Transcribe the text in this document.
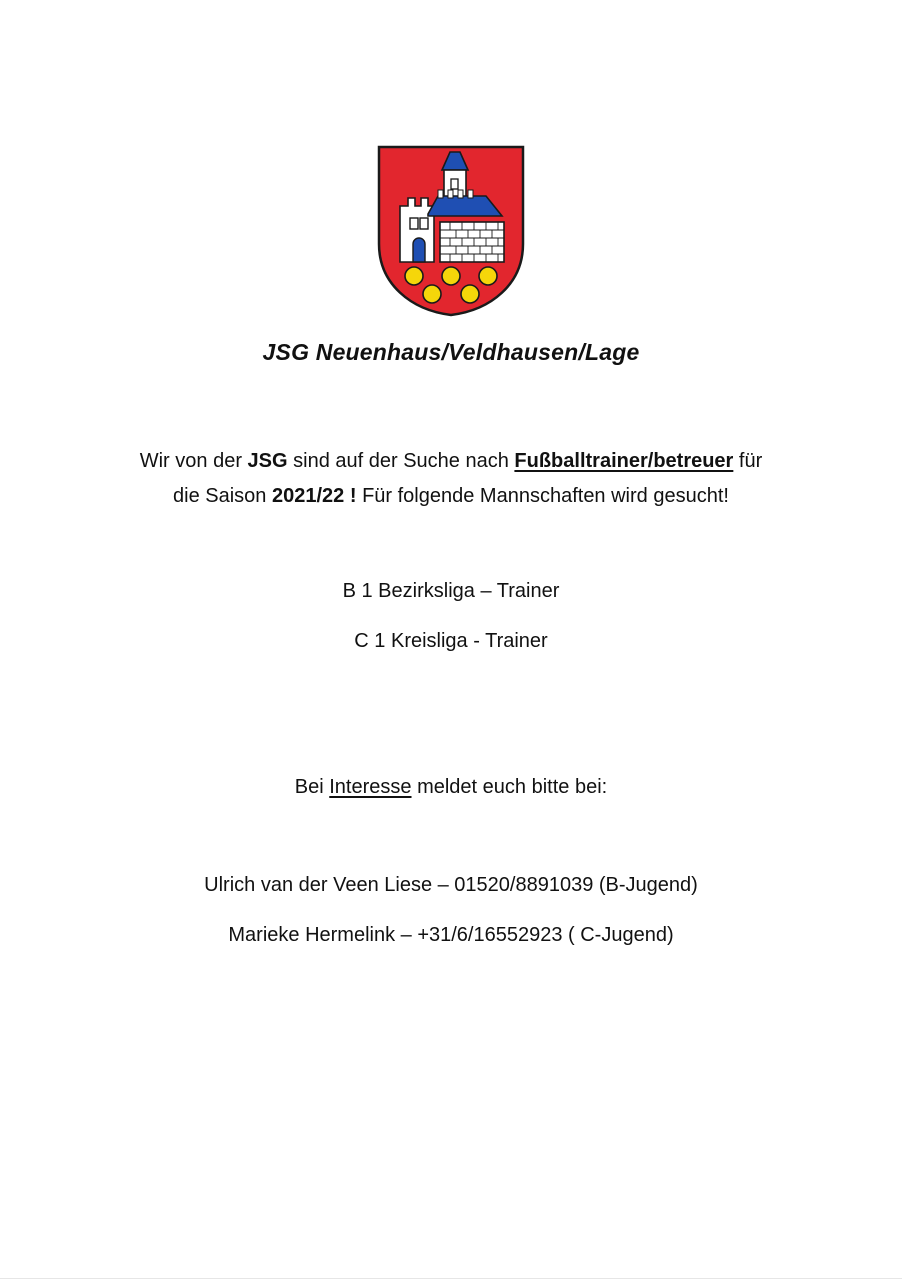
JSG Neuenhaus/Veldhausen/Lage
Wir von der JSG sind auf der Suche nach Fußballtrainer/betreuer für
die Saison 2021/22 ! Für folgende Mannschaften wird gesucht!
B 1 Bezirksliga – Trainer
C 1 Kreisliga - Trainer
Bei Interesse meldet euch bitte bei:
Ulrich van der Veen Liese – 01520/8891039 (B-Jugend)
Marieke Hermelink – +31/6/16552923 ( C-Jugend)
